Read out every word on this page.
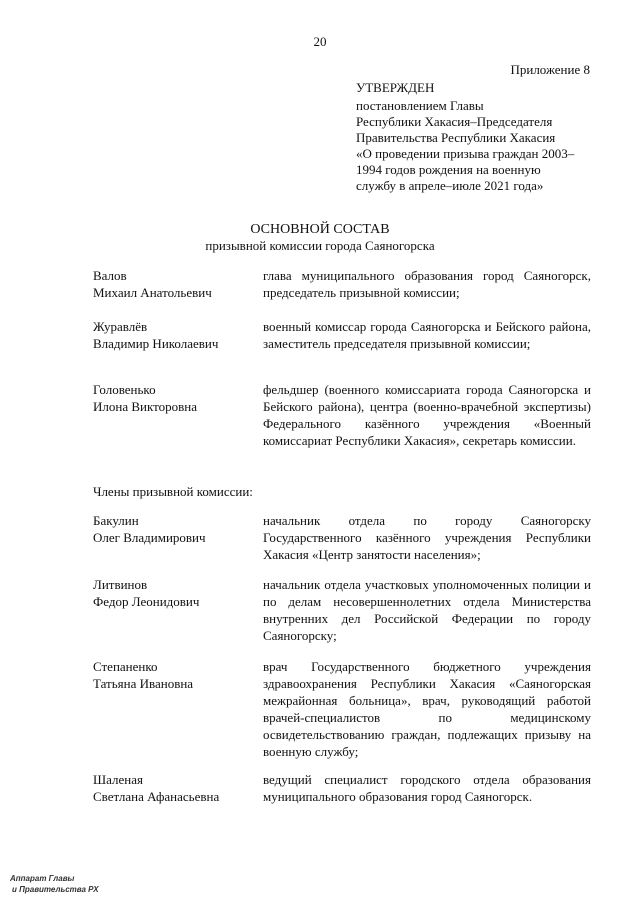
20
Приложение 8
УТВЕРЖДЕН
постановлением Главы
Республики Хакасия–Председателя
Правительства Республики Хакасия
«О проведении призыва граждан 2003–
1994 годов рождения на военную
службу в апреле–июле 2021 года»
ОСНОВНОЙ СОСТАВ
призывной комиссии города Саяногорска
Валов
Михаил Анатольевич
глава муниципального образования город Саяногорск, председатель призывной комиссии;
Журавлёв
Владимир Николаевич
военный комиссар города Саяногорска и Бейского района, заместитель председателя призывной комиссии;
Головенько
Илона Викторовна
фельдшер (военного комиссариата города Саяногорска и Бейского района), центра (военно-врачебной экспертизы) Федерального казённого учреждения «Военный комиссариат Республики Хакасия», секретарь комиссии.
Члены призывной комиссии:
Бакулин
Олег Владимирович
начальник отдела по городу Саяногорску Государственного казённого учреждения Республики Хакасия «Центр занятости населения»;
Литвинов
Федор Леонидович
начальник отдела участковых уполномоченных полиции и по делам несовершеннолетних отдела Министерства внутренних дел Российской Федерации по городу Саяногорску;
Степаненко
Татьяна Ивановна
врач Государственного бюджетного учреждения здравоохранения Республики Хакасия «Саяногорская межрайонная больница», врач, руководящий работой врачей-специалистов по медицинскому освидетельствованию граждан, подлежащих призыву на военную службу;
Шаленая
Светлана Афанасьевна
ведущий специалист городского отдела образования муниципального образования город Саяногорск.
Аппарат Главы
и Правительства РХ
